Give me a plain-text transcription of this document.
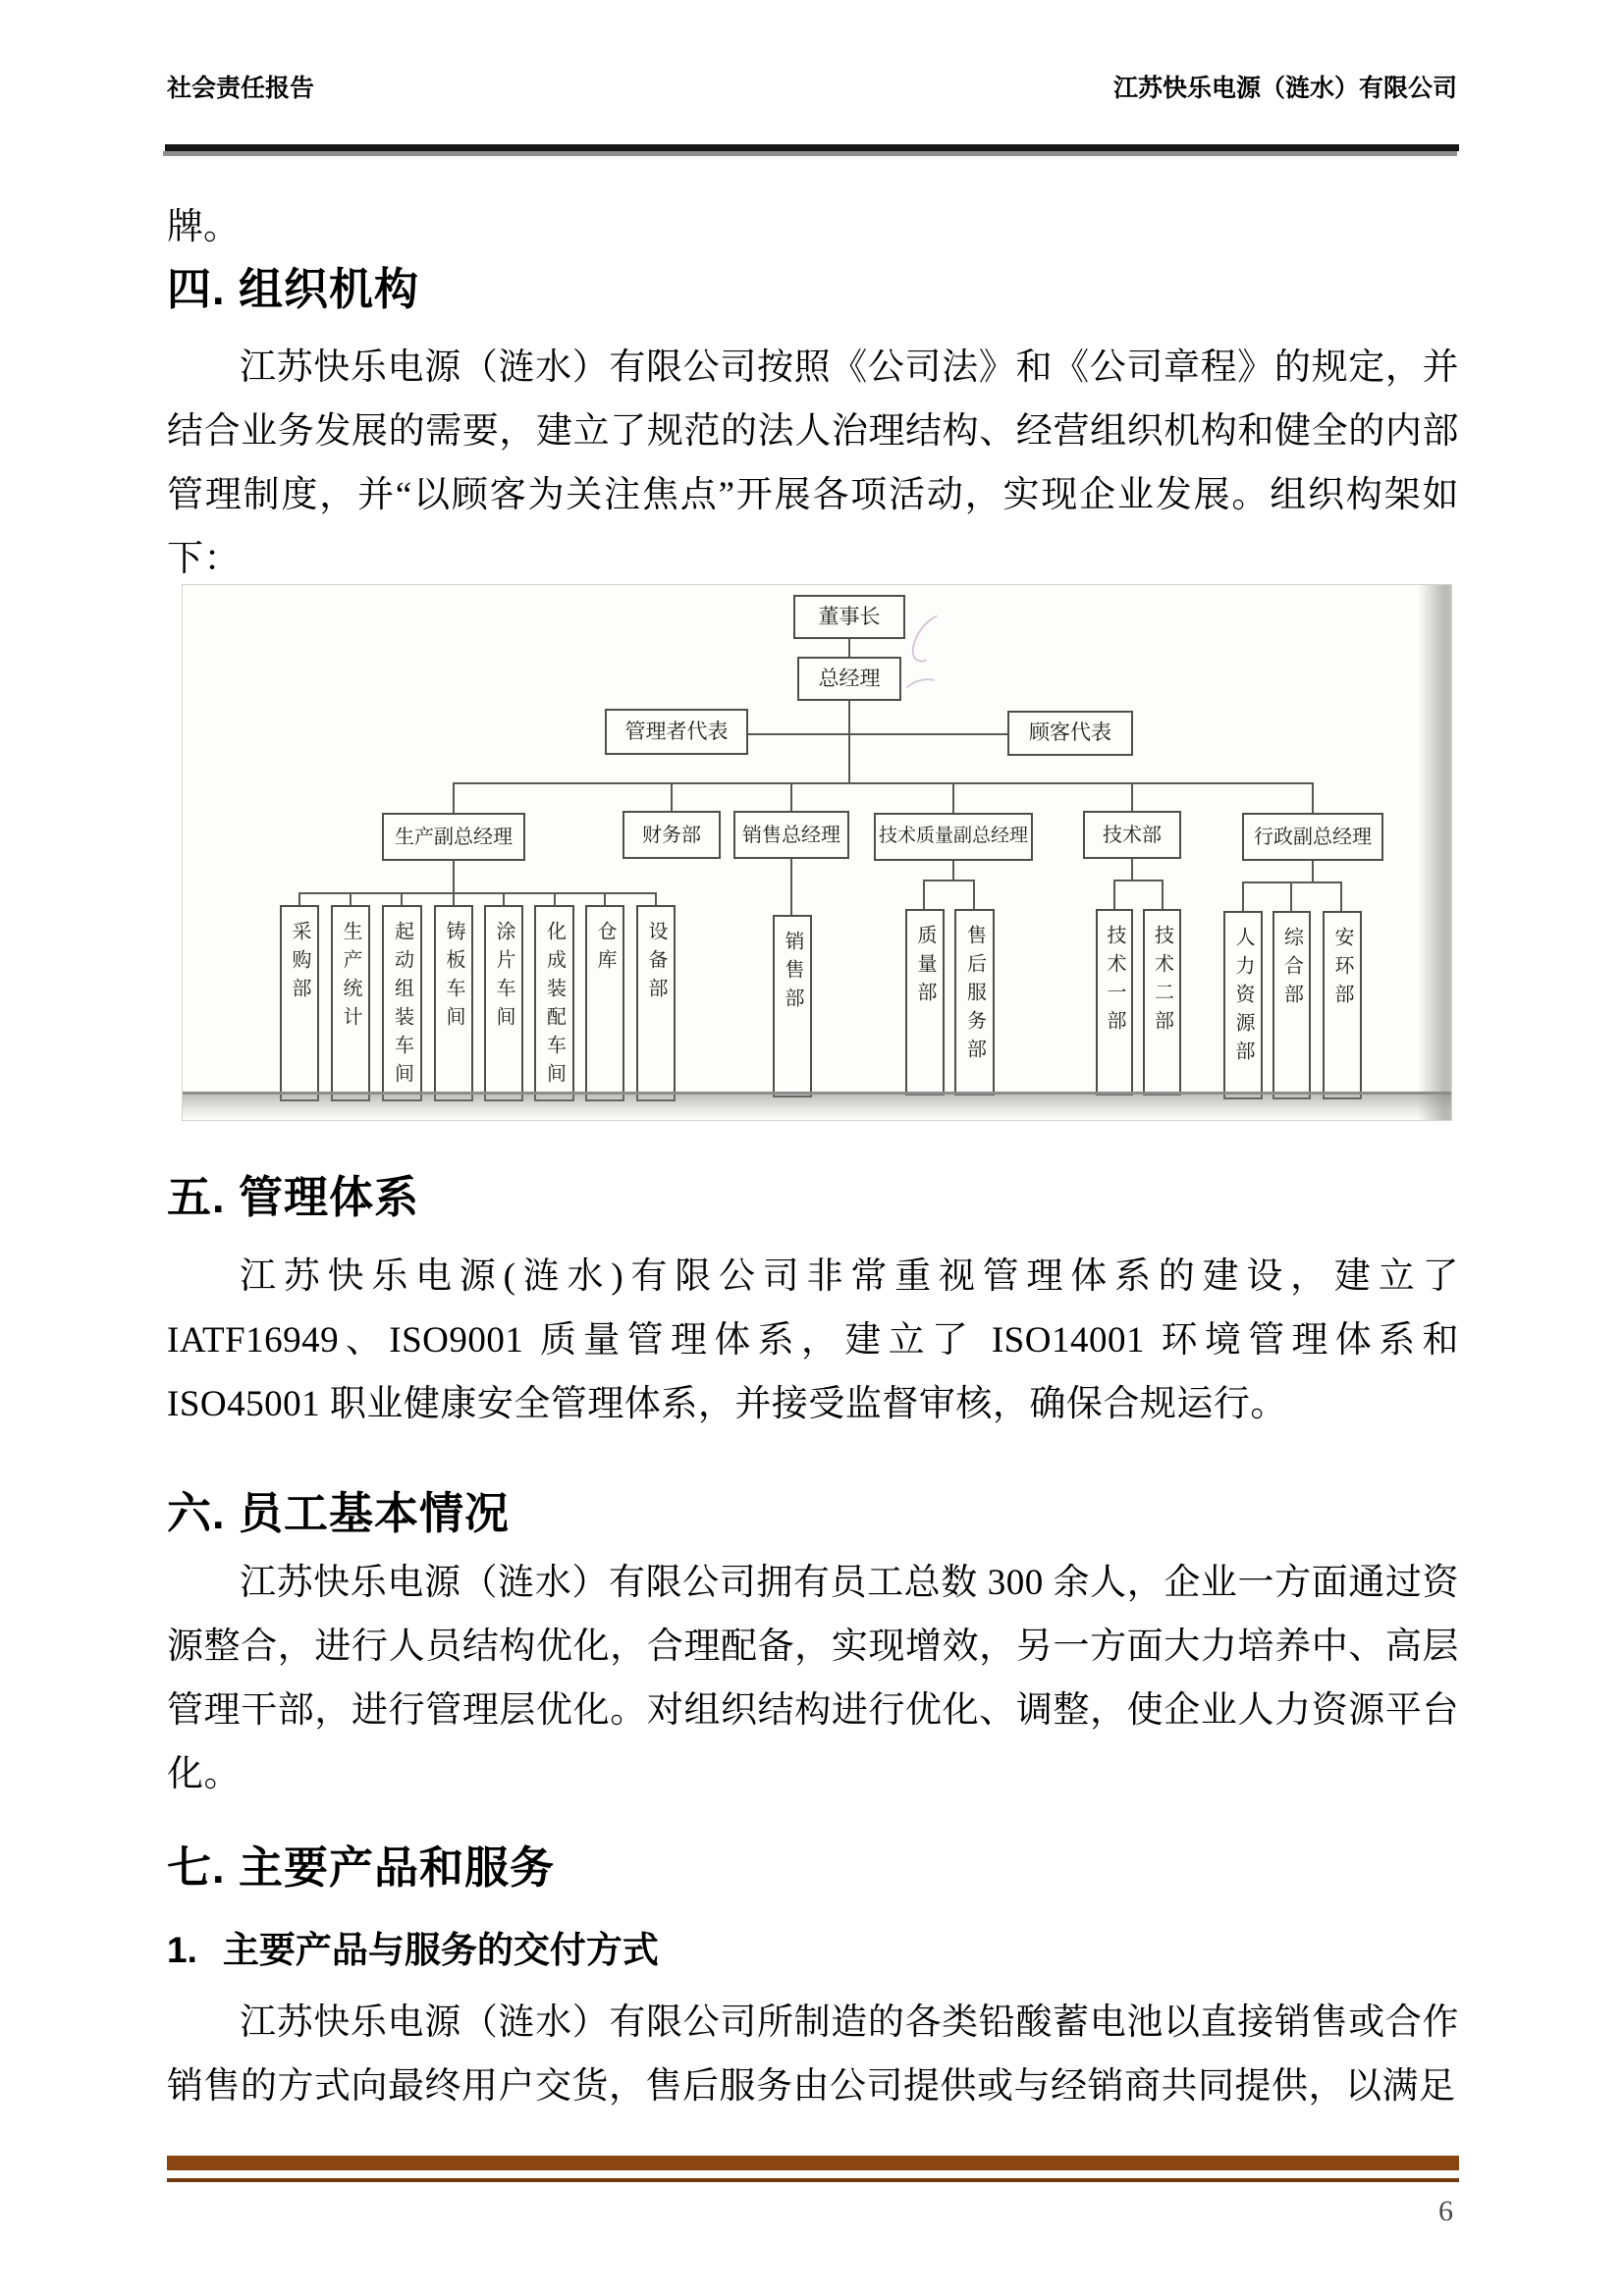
社会责任报告	江苏快乐电源（涟水）有限公司
牌。
四. 组织机构
江苏快乐电源（涟水）有限公司按照《公司法》和《公司章程》的规定，并结合业务发展的需要，建立了规范的法人治理结构、经营组织机构和健全的内部管理制度，并“以顾客为关注焦点”开展各项活动，实现企业发展。组织构架如下：
董事长
总经理
管理者代表	顾客代表
生产副总经理	财务部	销售总经理	技术质量副总经理	技术部	行政副总经理
采购部	生产统计	起动组装车间	铸板车间	涂片车间	化成装配车间	仓库	设备部	销售部	质量部	售后服务部	技术一部	技术二部	人力资源部	综合部	安环部
五. 管理体系
江苏快乐电源(涟水)有限公司非常重视管理体系的建设，建立了 IATF16949、ISO9001 质量管理体系，建立了 ISO14001 环境管理体系和 ISO45001 职业健康安全管理体系，并接受监督审核，确保合规运行。
六. 员工基本情况
江苏快乐电源（涟水）有限公司拥有员工总数 300 余人，企业一方面通过资源整合，进行人员结构优化，合理配备，实现增效，另一方面大力培养中、高层管理干部，进行管理层优化。对组织结构进行优化、调整，使企业人力资源平台化。
七. 主要产品和服务
1. 主要产品与服务的交付方式
江苏快乐电源（涟水）有限公司所制造的各类铅酸蓄电池以直接销售或合作销售的方式向最终用户交货，售后服务由公司提供或与经销商共同提供，以满足
6
